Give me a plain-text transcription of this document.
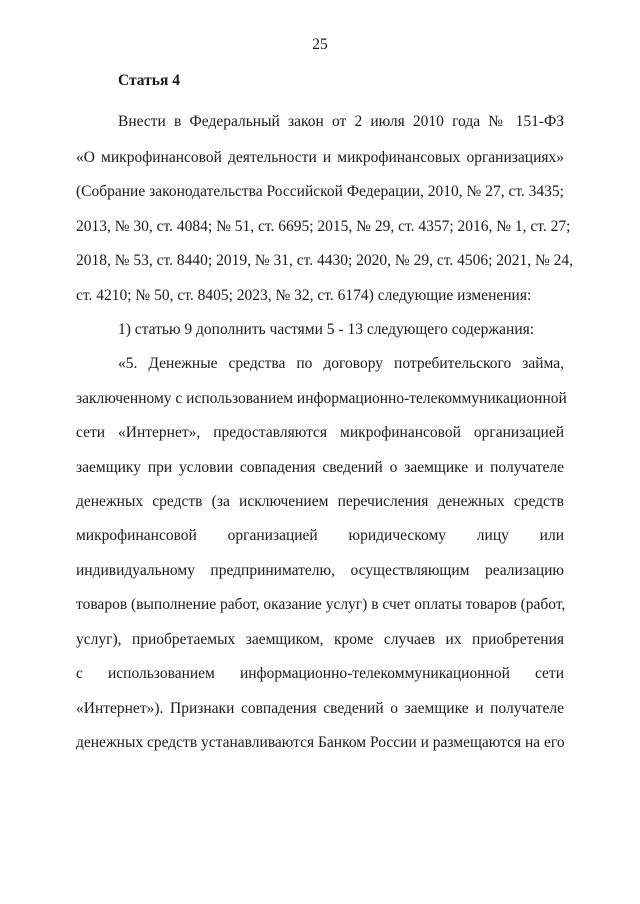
25
Статья 4
Внести в Федеральный закон от 2 июля 2010 года № 151-ФЗ
«О микрофинансовой деятельности и микрофинансовых организациях»
(Собрание законодательства Российской Федерации, 2010, № 27, ст. 3435;
2013, № 30, ст. 4084; № 51, ст. 6695; 2015, № 29, ст. 4357; 2016, № 1, ст. 27;
2018, № 53, ст. 8440; 2019, № 31, ст. 4430; 2020, № 29, ст. 4506; 2021, № 24,
ст. 4210; № 50, ст. 8405; 2023, № 32, ст. 6174) следующие изменения:
1) статью 9 дополнить частями 5 - 13 следующего содержания:
«5. Денежные средства по договору потребительского займа,
заключенному с использованием информационно-телекоммуникационной
сети «Интернет», предоставляются микрофинансовой организацией
заемщику при условии совпадения сведений о заемщике и получателе
денежных средств (за исключением перечисления денежных средств
микрофинансовой организацией юридическому лицу или
индивидуальному предпринимателю, осуществляющим реализацию
товаров (выполнение работ, оказание услуг) в счет оплаты товаров (работ,
услуг), приобретаемых заемщиком, кроме случаев их приобретения
с использованием информационно-телекоммуникационной сети
«Интернет»). Признаки совпадения сведений о заемщике и получателе
денежных средств устанавливаются Банком России и размещаются на его
